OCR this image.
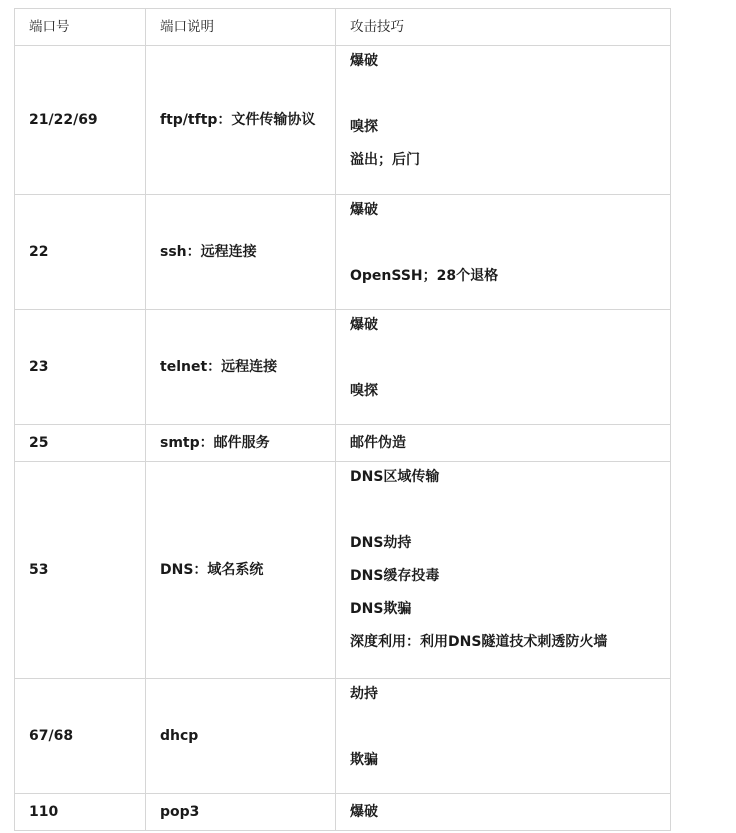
端口号	端口说明	攻击技巧
21/22/69	ftp/tftp：文件传输协议	爆破
嗅探
溢出；后门

22	ssh：远程连接	爆破
OpenSSH；28个退格

23	telnet：远程连接	爆破
嗅探

25	smtp：邮件服务	邮件伪造

53	DNS：域名系统	DNS区域传输
DNS劫持
DNS缓存投毒
DNS欺骗
深度利用：利用DNS隧道技术刺透防火墙

67/68	dhcp	劫持
欺骗

110	pop3	爆破
